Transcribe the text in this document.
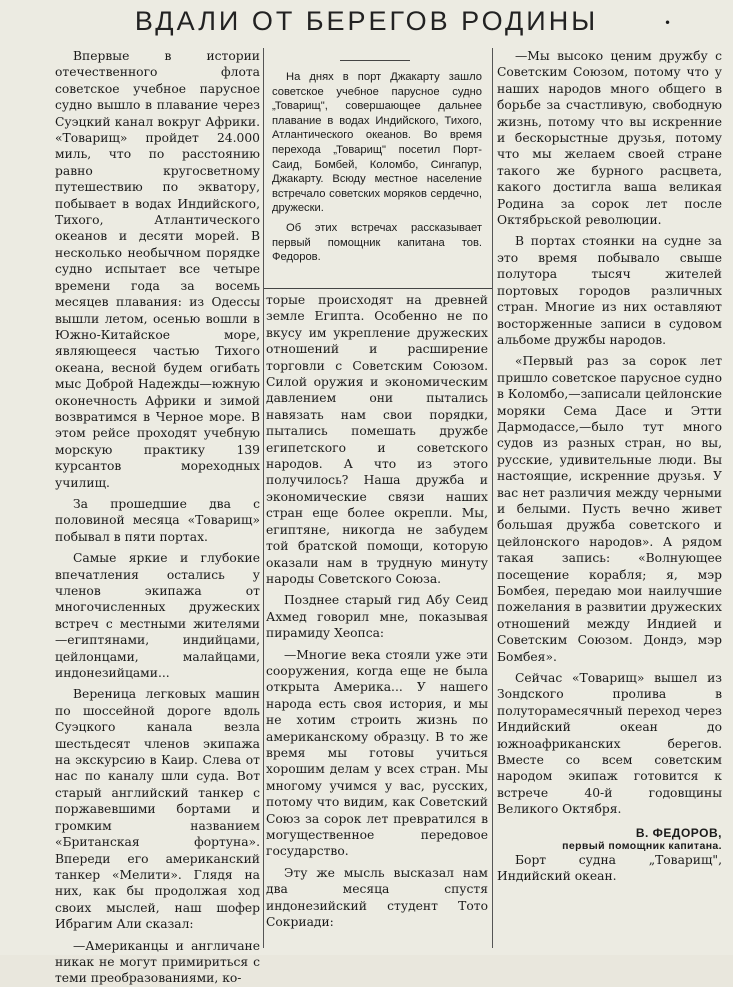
ВДАЛИ ОТ БЕРЕГОВ РОДИНЫ	•

Впервые в истории отечественного флота советское учебное парусное судно вышло в плавание через Суэцкий канал вокруг Африки. «Товарищ» пройдет 24.000 миль, что по расстоянию равно кругосветному путешествию по экватору, побывает в водах Индийского, Тихого, Атлантического океанов и десяти морей. В несколько необычном порядке судно испытает все четыре времени года за восемь месяцев плавания: из Одессы вышли летом, осенью вошли в Южно-Китайское море, являющееся частью Тихого океана, весной будем огибать мыс Доброй Надежды—южную оконечность Африки и зимой возвратимся в Черное море. В этом рейсе проходят учебную морскую практику 139 курсантов мореходных училищ.

За прошедшие два с половиной месяца «Товарищ» побывал в пяти портах.

Самые яркие и глубокие впечатления остались у членов экипажа от многочисленных дружеских встреч с местными жителями—египтянами, индийцами, цейлонцами, малайцами, индонезийцами...

Вереница легковых машин по шоссейной дороге вдоль Суэцкого канала везла шестьдесят членов экипажа на экскурсию в Каир. Слева от нас по каналу шли суда. Вот старый английский танкер с поржавевшими бортами и громким названием «Британская фортуна». Впереди его американский танкер «Мелити». Глядя на них, как бы продолжая ход своих мыслей, наш шофер Ибрагим Али сказал:

—Американцы и англичане никак не могут примириться с теми преобразованиями, ко-

На днях в порт Джакарту зашло советское учебное парусное судно „Товарищ", совершающее дальнее плавание в водах Индийского, Тихого, Атлантического океанов. Во время перехода „Товарищ" посетил Порт-Саид, Бомбей, Коломбо, Сингапур, Джакарту. Всюду местное население встречало советских моряков сердечно, дружески.

Об этих встречах рассказывает первый помощник капитана тов. Федоров.

торые происходят на древней земле Египта. Особенно не по вкусу им укрепление дружеских отношений и расширение торговли с Советским Союзом. Силой оружия и экономическим давлением они пытались навязать нам свои порядки, пытались помешать дружбе египетского и советского народов. А что из этого получилось? Наша дружба и экономические связи наших стран еще более окрепли. Мы, египтяне, никогда не забудем той братской помощи, которую оказали нам в трудную минуту народы Советского Союза.

Позднее старый гид Абу Сеид Ахмед говорил мне, показывая пирамиду Хеопса:

—Многие века стояли уже эти сооружения, когда еще не была открыта Америка... У нашего народа есть своя история, и мы не хотим строить жизнь по американскому образцу. В то же время мы готовы учиться хорошим делам у всех стран. Мы многому учимся у вас, русских, потому что видим, как Советский Союз за сорок лет превратился в могущественное передовое государство.

Эту же мысль высказал нам два месяца спустя индонезийский студент Тото Сокриади:

—Мы высоко ценим дружбу с Советским Союзом, потому что у наших народов много общего в борьбе за счастливую, свободную жизнь, потому что вы искренние и бескорыстные друзья, потому что мы желаем своей стране такого же бурного расцвета, какого достигла ваша великая Родина за сорок лет после Октябрьской революции.

В портах стоянки на судне за это время побывало свыше полутора тысяч жителей портовых городов различных стран. Многие из них оставляют восторженные записи в судовом альбоме дружбы народов.

«Первый раз за сорок лет пришло советское парусное судно в Коломбо,—записали цейлонские моряки Сема Дасе и Этти Дармодассе,—было тут много судов из разных стран, но вы, русские, удивительные люди. Вы настоящие, искренние друзья. У вас нет различия между черными и белыми. Пусть вечно живет большая дружба советского и цейлонского народов». А рядом такая запись: «Волнующее посещение корабля; я, мэр Бомбея, передаю мои наилучшие пожелания в развитии дружеских отношений между Индией и Советским Союзом. Дондэ, мэр Бомбея».

Сейчас «Товарищ» вышел из Зондского пролива в полуторамесячный переход через Индийский океан до южноафриканских берегов. Вместе со всем советским народом экипаж готовится к встрече 40-й годовщины Великого Октября.

В. ФЕДОРОВ,
первый помощник капитана.

Борт судна „Товарищ", Индийский океан.
